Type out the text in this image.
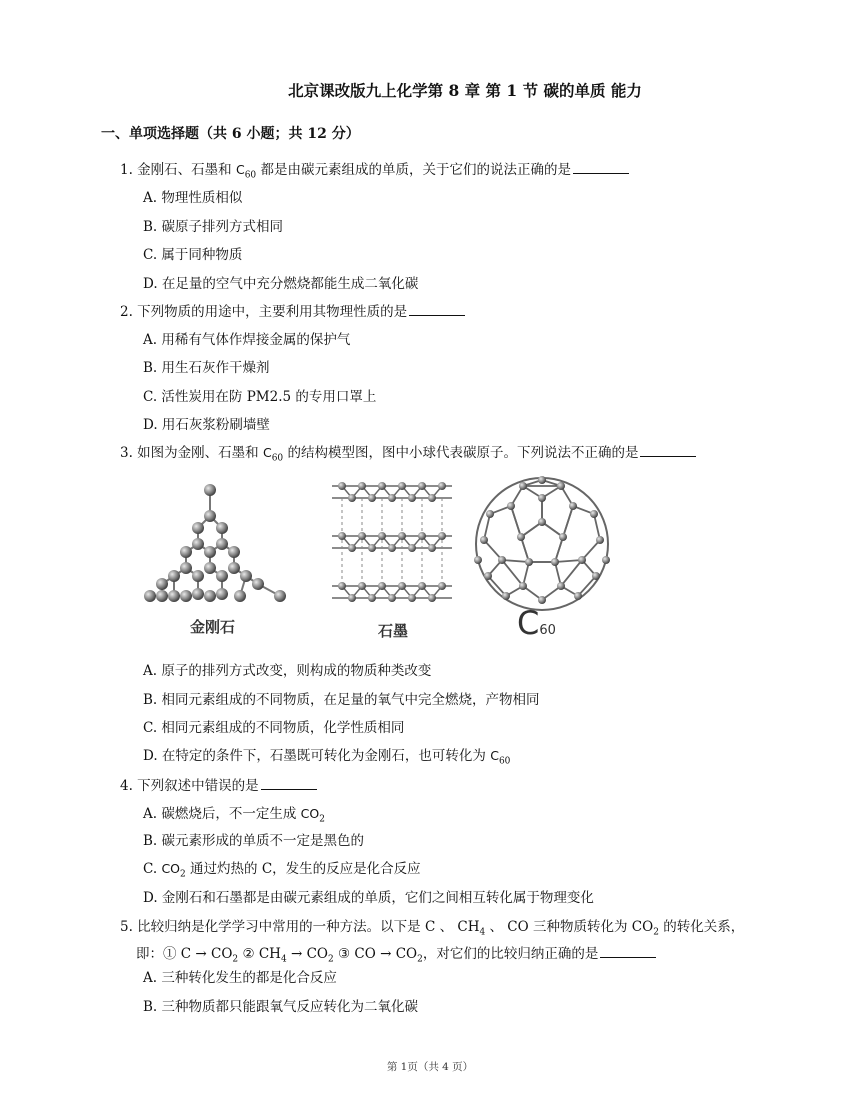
北京课改版九上化学第 8 章 第 1 节 碳的单质 能力
一、单项选择题（共 6 小题；共 12 分）
1. 金刚石、石墨和 $C_{60}$ 都是由碳元素组成的单质，关于它们的说法正确的是
A. 物理性质相似
B. 碳原子排列方式相同
C. 属于同种物质
D. 在足量的空气中充分燃烧都能生成二氧化碳
2. 下列物质的用途中，主要利用其物理性质的是
A. 用稀有气体作焊接金属的保护气
B. 用生石灰作干燥剂
C. 活性炭用在防 PM2.5 的专用口罩上
D. 用石灰浆粉刷墙壁
3. 如图为金刚、石墨和 $C_{60}$ 的结构模型图，图中小球代表碳原子。下列说法不正确的是
金刚石	石墨	C60
A. 原子的排列方式改变，则构成的物质种类改变
B. 相同元素组成的不同物质，在足量的氧气中完全燃烧，产物相同
C. 相同元素组成的不同物质，化学性质相同
D. 在特定的条件下，石墨既可转化为金刚石，也可转化为 $C_{60}$
4. 下列叙述中错误的是
A. 碳燃烧后，不一定生成 $CO_2$
B. 碳元素形成的单质不一定是黑色的
C. $CO_2$ 通过灼热的 C，发生的反应是化合反应
D. 金刚石和石墨都是由碳元素组成的单质，它们之间相互转化属于物理变化
5. 比较归纳是化学学习中常用的一种方法。以下是 C 、 $CH_4$ 、 CO 三种物质转化为 $CO_2$ 的转化关系，
即：① $C \to CO_2$ ② $CH_4 \to CO_2$ ③ CO → $CO_2$，对它们的比较归纳正确的是
A. 三种转化发生的都是化合反应
B. 三种物质都只能跟氧气反应转化为二氧化碳
第 1页（共 4 页）
